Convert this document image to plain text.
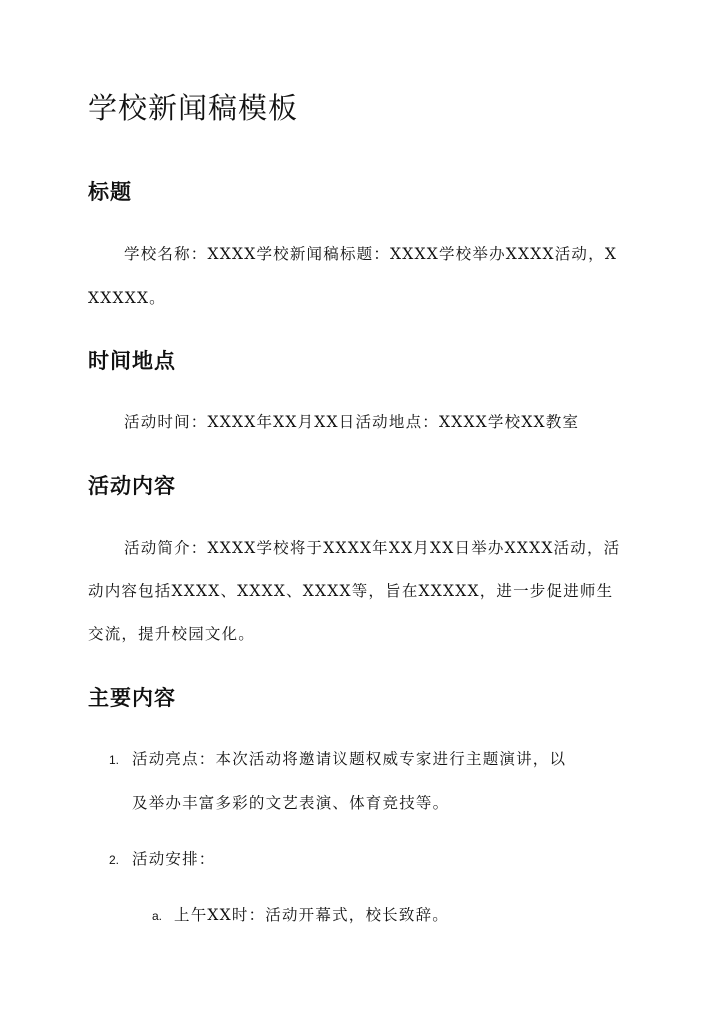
学校新闻稿模板
标题

学校名称：XXXX学校新闻稿标题：XXXX学校举办XXXX活动，X

XXXXX。

时间地点

活动时间：XXXX年XX月XX日活动地点：XXXX学校XX教室

活动内容

活动简介：XXXX学校将于XXXX年XX月XX日举办XXXX活动，活

动内容包括XXXX、XXXX、XXXX等，旨在XXXXX，进一步促进师生

交流，提升校园文化。

主要内容
1. 活动亮点：本次活动将邀请议题权威专家进行主题演讲，以

及举办丰富多彩的文艺表演、体育竞技等。

2. 活动安排：

a. 上午XX时：活动开幕式，校长致辞。
